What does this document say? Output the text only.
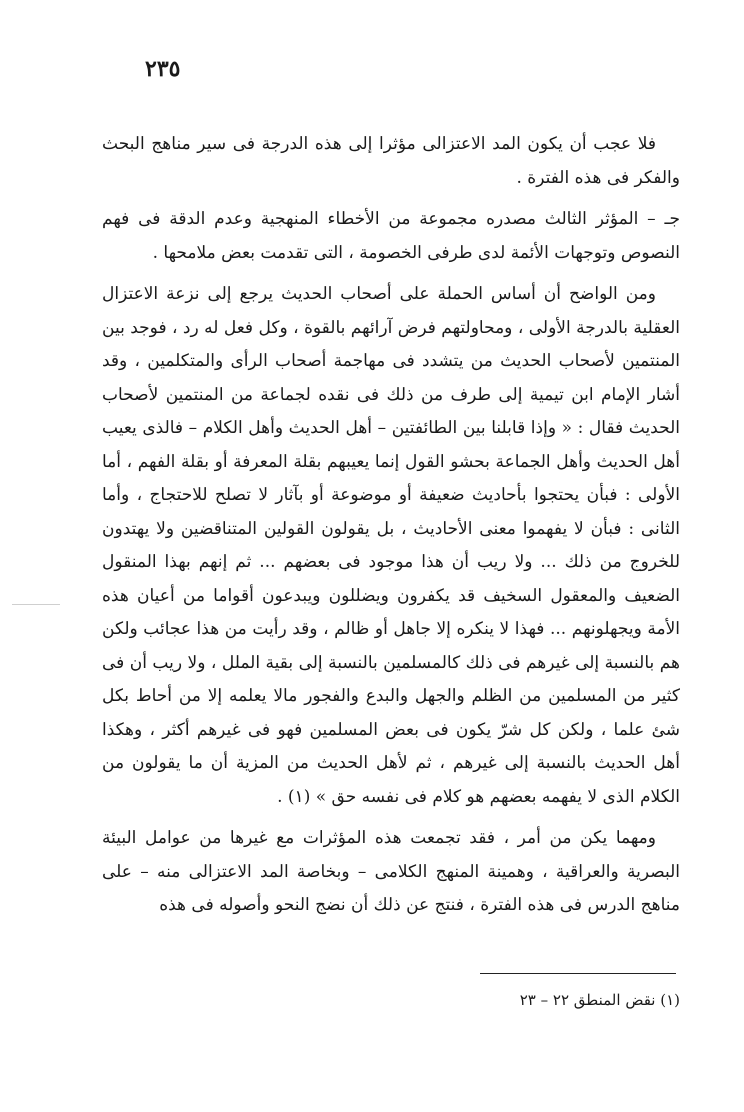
٢٣٥

فلا عجب أن يكون المد الاعتزالى مؤثرا إلى هذه الدرجة فى سير مناهج البحث والفكر فى هذه الفترة .

جـ – المؤثر الثالث مصدره مجموعة من الأخطاء المنهجية وعدم الدقة فى فهم النصوص وتوجهات الأئمة لدى طرفى الخصومة ، التى تقدمت بعض ملامحها .

ومن الواضح أن أساس الحملة على أصحاب الحديث يرجع إلى نزعة الاعتزال العقلية بالدرجة الأولى ، ومحاولتهم فرض آرائهم بالقوة ، وكل فعل له رد ، فوجد بين المنتمين لأصحاب الحديث من يتشدد فى مهاجمة أصحاب الرأى والمتكلمين ، وقد أشار الإمام ابن تيمية إلى طرف من ذلك فى نقده لجماعة من المنتمين لأصحاب الحديث فقال : « وإذا قابلنا بين الطائفتين – أهل الحديث وأهل الكلام – فالذى يعيب أهل الحديث وأهل الجماعة بحشو القول إنما يعيبهم بقلة المعرفة أو بقلة الفهم ، أما الأولى : فبأن يحتجوا بأحاديث ضعيفة أو موضوعة أو بآثار لا تصلح للاحتجاج ، وأما الثانى : فبأن لا يفهموا معنى الأحاديث ، بل يقولون القولين المتناقضين ولا يهتدون للخروج من ذلك ... ولا ريب أن هذا موجود فى بعضهم ... ثم إنهم بهذا المنقول الضعيف والمعقول السخيف قد يكفرون ويضللون ويبدعون أقواما من أعيان هذه الأمة ويجهلونهم ... فهذا لا ينكره إلا جاهل أو ظالم ، وقد رأيت من هذا عجائب ولكن هم بالنسبة إلى غيرهم فى ذلك كالمسلمين بالنسبة إلى بقية الملل ، ولا ريب أن فى كثير من المسلمين من الظلم والجهل والبدع والفجور مالا يعلمه إلا من أحاط بكل شئ علما ، ولكن كل شرّ يكون فى بعض المسلمين فهو فى غيرهم أكثر ، وهكذا أهل الحديث بالنسبة إلى غيرهم ، ثم لأهل الحديث من المزية أن ما يقولون من الكلام الذى لا يفهمه بعضهم هو كلام فى نفسه حق » (١) .

ومهما يكن من أمر ، فقد تجمعت هذه المؤثرات مع غيرها من عوامل البيئة البصرية والعراقية ، وهمينة المنهج الكلامى – وبخاصة المد الاعتزالى منه – على مناهج الدرس فى هذه الفترة ، فنتج عن ذلك أن نضج النحو وأصوله فى هذه

(١) نقض المنطق ٢٢ – ٢٣
